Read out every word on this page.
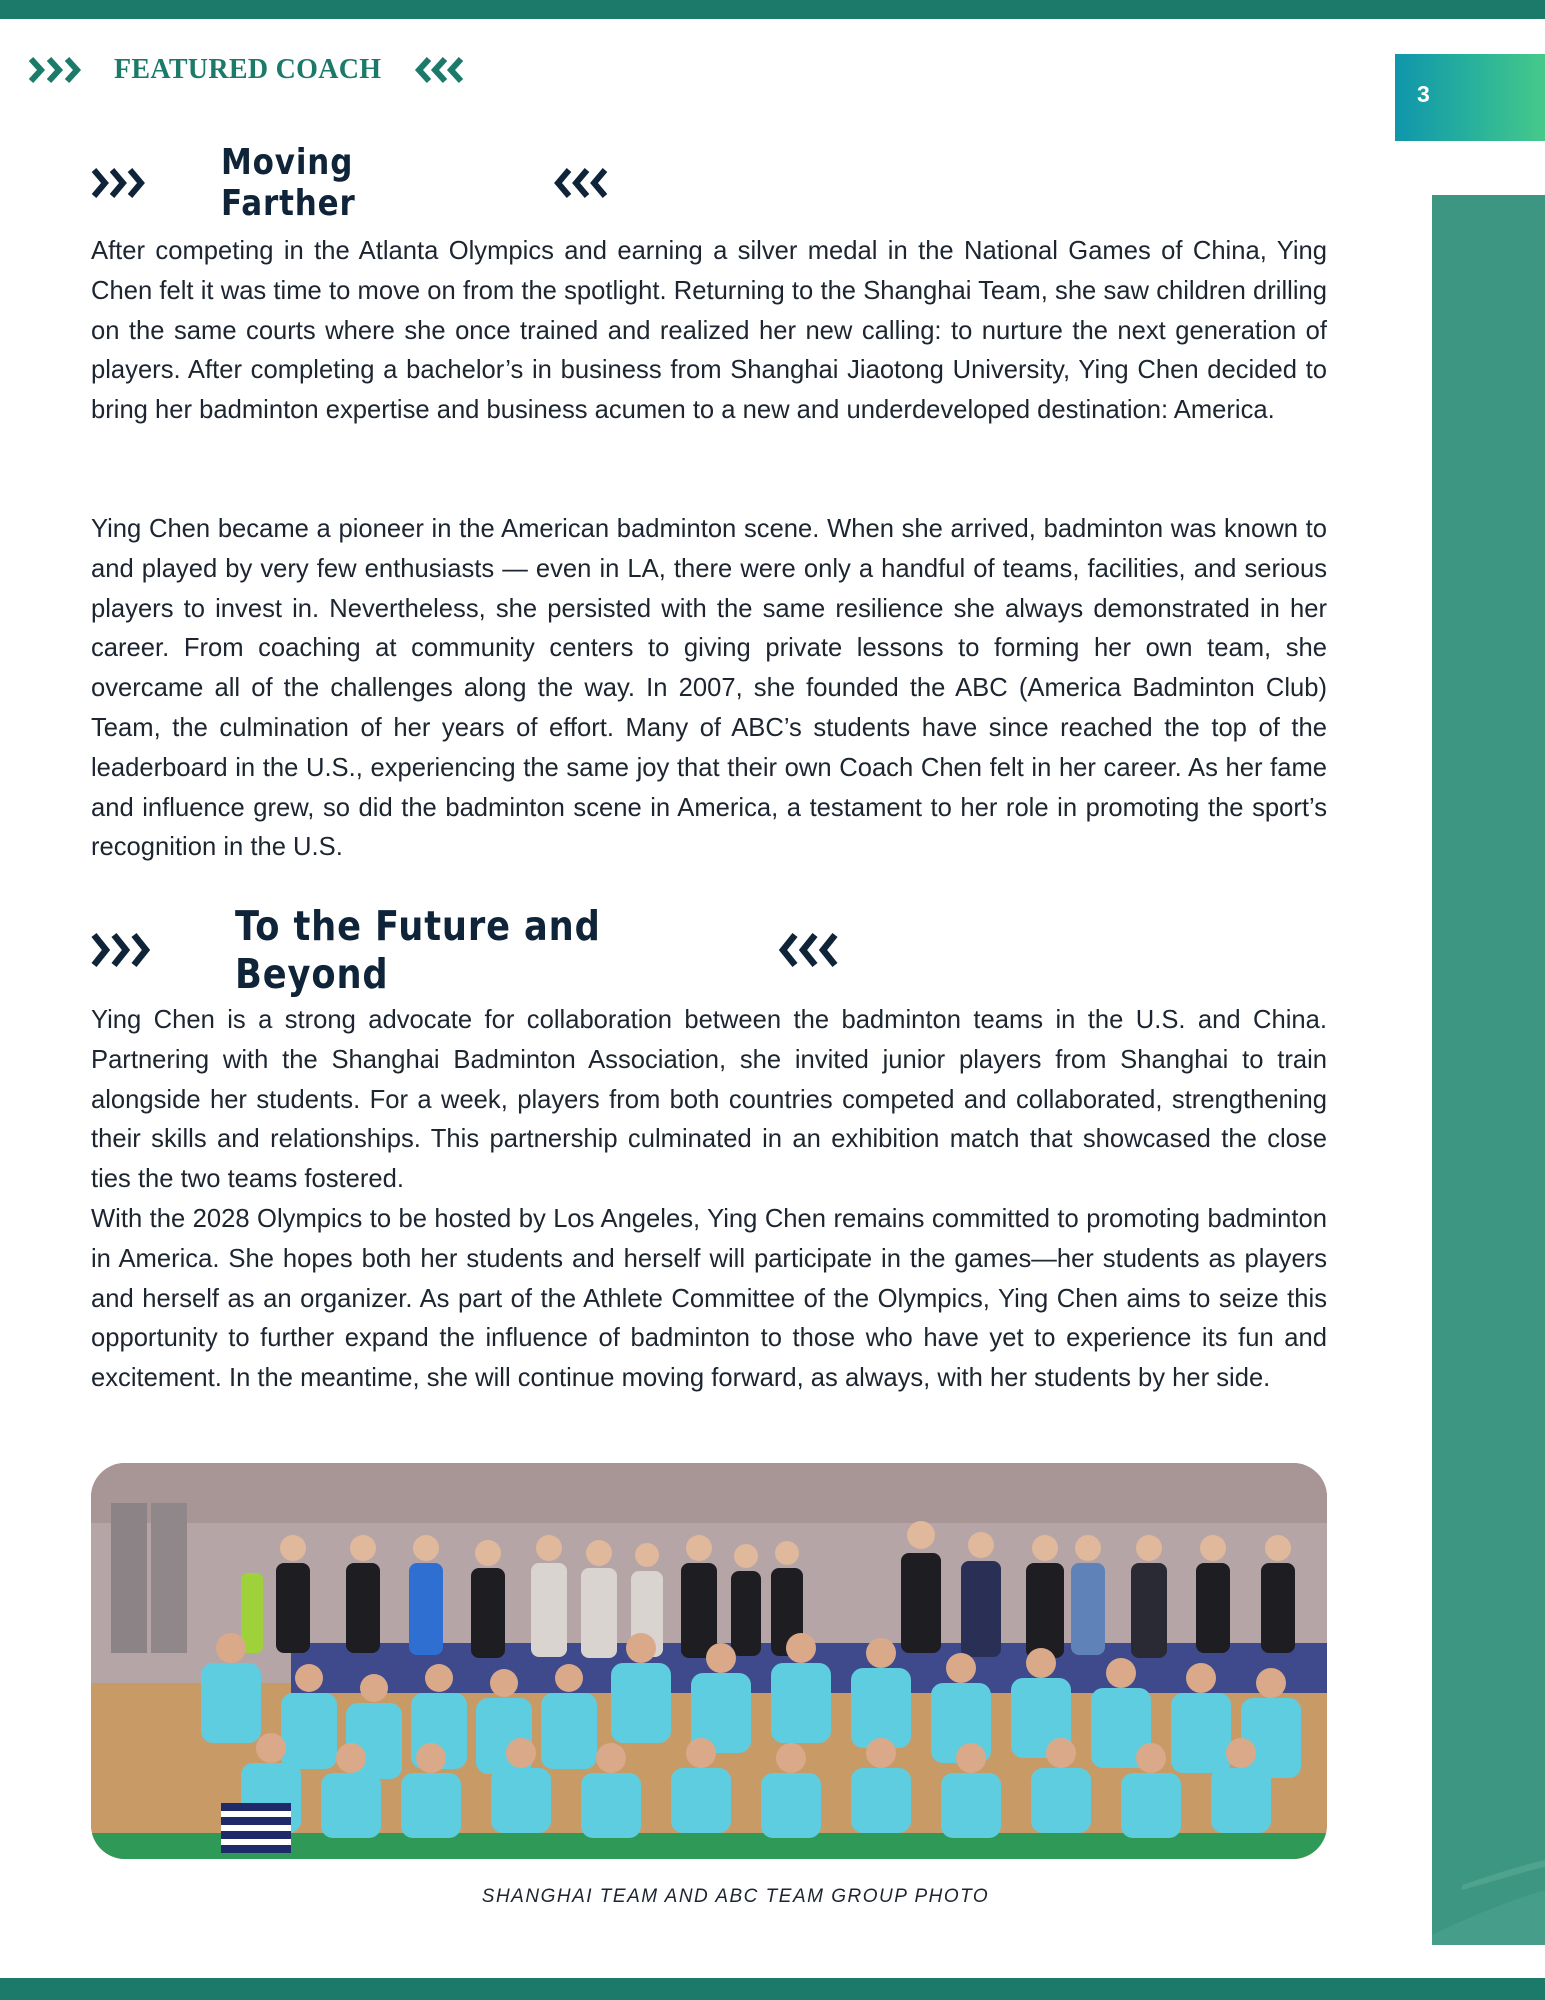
FEATURED COACH
3
Moving Farther

After competing in the Atlanta Olympics and earning a silver medal in the National Games of China, Ying Chen felt it was time to move on from the spotlight. Returning to the Shanghai Team, she saw children drilling on the same courts where she once trained and realized her new calling: to nurture the next generation of players. After completing a bachelor’s in business from Shanghai Jiaotong University, Ying Chen decided to bring her badminton expertise and business acumen to a new and underdeveloped destination: America.

Ying Chen became a pioneer in the American badminton scene. When she arrived, badminton was known to and played by very few enthusiasts — even in LA, there were only a handful of teams, facilities, and serious players to invest in. Nevertheless, she persisted with the same resilience she always demonstrated in her career. From coaching at community centers to giving private lessons to forming her own team, she overcame all of the challenges along the way. In 2007, she founded the ABC (America Badminton Club) Team, the culmination of her years of effort. Many of ABC’s students have since reached the top of the leaderboard in the U.S., experiencing the same joy that their own Coach Chen felt in her career. As her fame and influence grew, so did the badminton scene in America, a testament to her role in promoting the sport’s recognition in the U.S.

To the Future and Beyond

Ying Chen is a strong advocate for collaboration between the badminton teams in the U.S. and China. Partnering with the Shanghai Badminton Association, she invited junior players from Shanghai to train alongside her students. For a week, players from both countries competed and collaborated, strengthening their skills and relationships. This partnership culminated in an exhibition match that showcased the close ties the two teams fostered.

With the 2028 Olympics to be hosted by Los Angeles, Ying Chen remains committed to promoting badminton in America. She hopes both her students and herself will participate in the games—her students as players and herself as an organizer. As part of the Athlete Committee of the Olympics, Ying Chen aims to seize this opportunity to further expand the influence of badminton to those who have yet to experience its fun and excitement. In the meantime, she will continue moving forward, as always, with her students by her side.

SHANGHAI TEAM AND ABC TEAM GROUP PHOTO
